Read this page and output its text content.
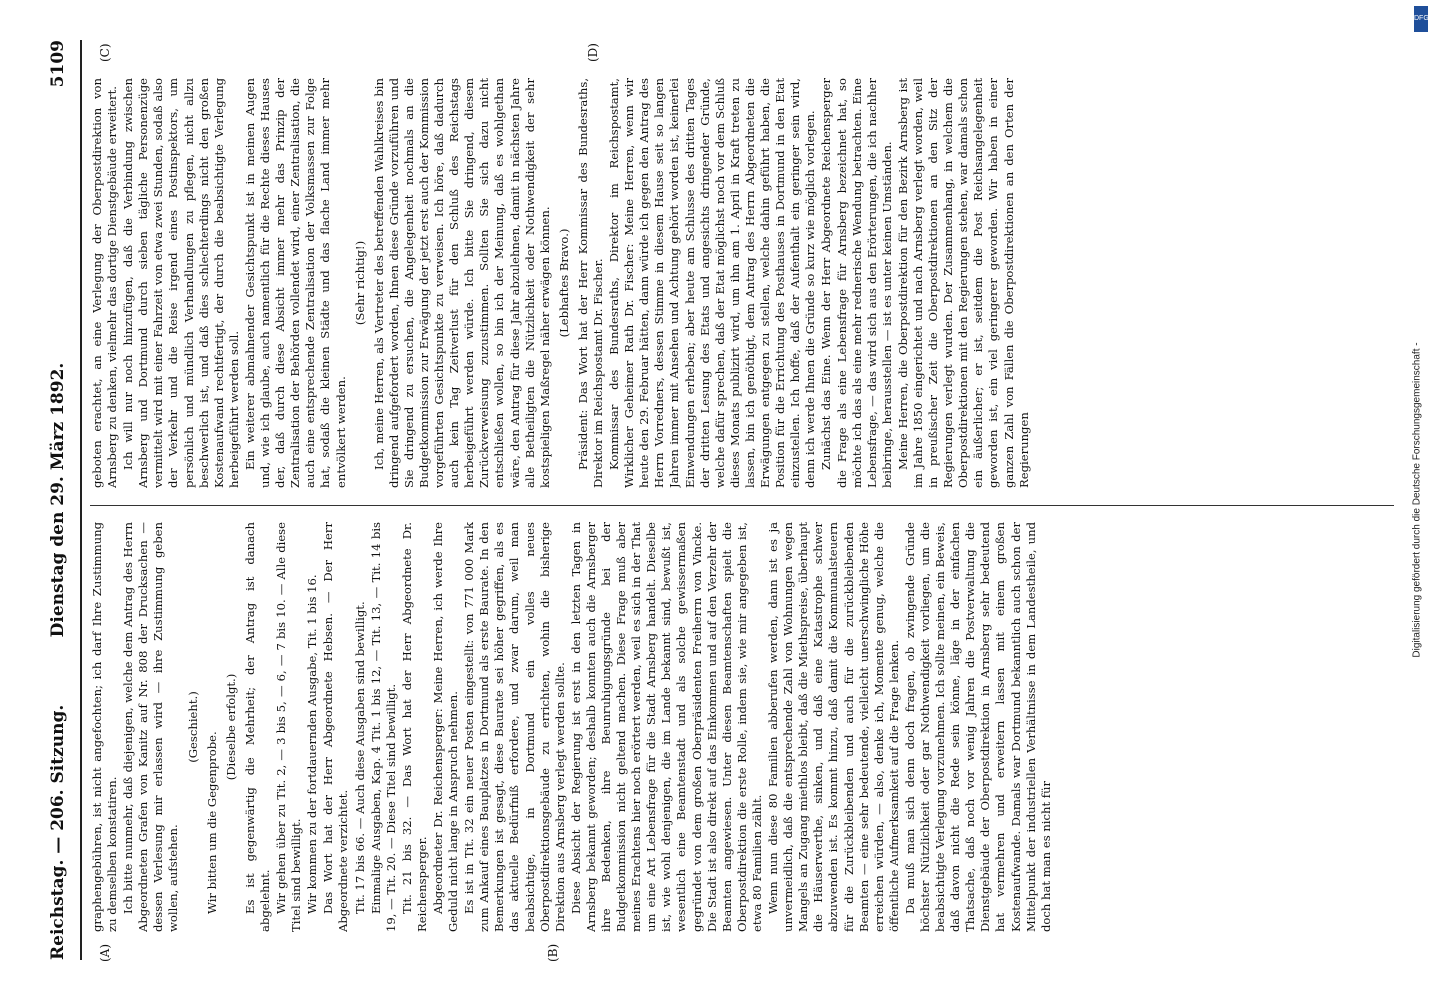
Reichstag. — 206. Sitzung.
Dienstag den 29. März 1892.
5109
(A)	(B)
(C)	(D)

graphengebühren, ist nicht angefochten; ich darf Ihre Zustimmung zu demselben konstatiren. Ich bitte nunmehr, daß diejenigen, welche dem Antrag des Herrn Abgeordneten Grafen von Kanitz auf Nr. 808 der Drucksachen — dessen Verlesung mir erlassen wird — ihre Zustimmung geben wollen, aufstehen.

(Geschieht.)

Wir bitten um die Gegenprobe.

(Dieselbe erfolgt.) Es ist gegenwärtig die Mehrheit; der Antrag ist danach abgelehnt. Wir gehen über zu Tit. 2, — 3 bis 5, — 6, — 7 bis 10. — Alle diese Titel sind bewilligt. Wir kommen zu der fortdauernden Ausgabe, Tit. 1 bis 16. Das Wort hat der Herr Abgeordnete Hebsen. — Der Herr Abgeordnete verzichtet. Tit. 17 bis 66. — Auch diese Ausgaben sind bewilligt. Einmalige Ausgaben, Kap. 4 Tit. 1 bis 12, — Tit. 13, — Tit. 14 bis 19, — Tit. 20. — Diese Titel sind bewilligt. Tit. 21 bis 32. — Das Wort hat der Herr Abgeordnete Dr. Reichensperger. Abgeordneter Dr. Reichensperger: Meine Herren, ich werde Ihre Geduld nicht lange in Anspruch nehmen. Es ist in Tit. 32 ein neuer Posten eingestellt: von 771 000 Mark zum Ankauf eines Bauplatzes in Dortmund als erste Baurate. In den Bemerkungen ist gesagt, diese Baurate sei höher gegriffen, als es das aktuelle Bedürfniß erfordere, und zwar darum, weil man beabsichtige, in Dortmund ein volles neues Oberpostdirektionsgebäude zu errichten, wohin die bisherige Direktion aus Arnsberg verlegt werden sollte. Diese Absicht der Regierung ist erst in den letzten Tagen in Arnsberg bekannt geworden; deshalb konnten auch die Arnsberger ihre Bedenken, ihre Beunruhigungsgründe bei der Budgetkommission nicht geltend machen. Diese Frage muß aber meines Erachtens hier noch erörtert werden, weil es sich in der That um eine Art Lebensfrage für die Stadt Arnsberg handelt. Dieselbe ist, wie wohl denjenigen, die im Lande bekannt sind, bewußt ist, wesentlich eine Beamtenstadt und als solche gewissermaßen gegründet von dem großen Oberpräsidenten Freiherrn von Vincke. Die Stadt ist also direkt auf das Einkommen und auf den Verzehr der Beamten angewiesen. Unter diesen Beamtenschaften spielt die Oberpostdirektion die erste Rolle, indem sie, wie mir angegeben ist, etwa 80 Familien zählt. Wenn nun diese 80 Familien abberufen werden, dann ist es ja unvermeidlich, daß die entsprechende Zahl von Wohnungen wegen Mangels an Zugang miethlos bleibt, daß die Miethspreise, überhaupt die Häuserwerthe, sinken, und daß eine Katastrophe schwer abzuwenden ist. Es kommt hinzu, daß damit die Kommunalsteuern für die Zurückbleibenden und auch für die zurückbleibenden Beamten — eine sehr bedeutende, vielleicht unerschwingliche Höhe erreichen würden, — also, denke ich, Momente genug, welche die öffentliche Aufmerksamkeit auf die Frage lenken. Da muß man sich denn doch fragen, ob zwingende Gründe höchster Nützlichkeit oder gar Nothwendigkeit vorliegen, um die beabsichtigte Verlegung vorzunehmen. Ich sollte meinen, ein Beweis, daß davon nicht die Rede sein könne, läge in der einfachen Thatsache, daß noch vor wenig Jahren die Postverwaltung die Dienstgebäude der Oberpostdirektion in Arnsberg sehr bedeutend hat vermehren und erweitern lassen mit einem großen Kostenaufwande. Damals war Dortmund bekanntlich auch schon der Mittelpunkt der industriellen Verhältnisse in dem Landestheile, und doch hat man es nicht für

geboten erachtet, an eine Verlegung der Oberpostdirektion von Arnsberg zu denken, vielmehr das dortige Dienstgebäude erweitert. Ich will nur noch hinzufügen, daß die Verbindung zwischen Arnsberg und Dortmund durch sieben tägliche Personenzüge vermittelt wird mit einer Fahrzeit von etwa zwei Stunden, sodaß also der Verkehr und die Reise irgend eines Postinspektors, um persönlich und mündlich Verhandlungen zu pflegen, nicht allzu beschwerlich ist, und daß dies schlechterdings nicht den großen Kostenaufwand rechtfertigt, der durch die beabsichtigte Verlegung herbeigeführt werden soll. Ein weiterer abmahnender Gesichtspunkt ist in meinen Augen und, wie ich glaube, auch namentlich für die Rechte dieses Hauses der, daß durch diese Absicht immer mehr das Prinzip der Zentralisation der Behörden vollendet wird, einer Zentralisation, die auch eine entsprechende Zentralisation der Volksmassen zur Folge hat, sodaß die kleinen Städte und das flache Land immer mehr entvölkert werden.

(Sehr richtig!) Ich, meine Herren, als Vertreter des betreffenden Wahlkreises bin dringend aufgefordert worden, Ihnen diese Gründe vorzuführen und Sie dringend zu ersuchen, die Angelegenheit nochmals an die Budgetkommission zur Erwägung der jetzt erst auch der Kommission vorgeführten Gesichtspunkte zu verweisen. Ich höre, daß dadurch auch kein Tag Zeitverlust für den Schluß des Reichstags herbeigeführt werden würde. Ich bitte Sie dringend, diesem Zurückverweisung zuzustimmen. Sollten Sie sich dazu nicht entschließen wollen, so bin ich der Meinung, daß es wohlgethan wäre, den Antrag für diese Jahr abzulehnen, damit in nächsten Jahre alle Betheiligten die Nützlichkeit oder Nothwendigkeit der sehr kostspieligen Maßregel näher erwägen können. (Lebhaftes Bravo.) Präsident: Das Wort hat der Herr Kommissar des Bundesraths, Direktor im Reichspostamt Dr. Fischer. Kommissar des Bundesraths, Direktor im Reichspostamt, Wirklicher Geheimer Rath Dr. Fischer: Meine Herren, wenn wir heute den 29. Februar hätten, dann würde ich gegen den Antrag des Herrn Vorredners, dessen Stimme in diesem Hause seit so langen Jahren immer mit Ansehen und Achtung gehört worden ist, keinerlei Einwendungen erheben; aber heute am Schlusse des dritten Tages der dritten Lesung des Etats und angesichts dringender Gründe, welche dafür sprechen, daß der Etat möglichst noch vor dem Schluß dieses Monats publizirt wird, um ihn am 1. April in Kraft treten zu lassen, bin ich genöthigt, dem Antrag des Herrn Abgeordneten die Erwägungen entgegen zu stellen, welche dahin geführt haben, die Position für die Errichtung des Posthauses in Dortmund in den Etat einzustellen. Ich hoffe, daß der Aufenthalt ein geringer sein wird, denn ich werde Ihnen die Gründe so kurz wie möglich vorlegen. Zunächst das Eine. Wenn der Herr Abgeordnete Reichensperger die Frage als eine Lebensfrage für Arnsberg bezeichnet hat, so möchte ich das als eine mehr rednerische Wendung betrachten. Eine Lebensfrage, — das wird sich aus den Erörterungen, die ich nachher beibringe, herausstellen — ist es unter keinen Umständen. Meine Herren, die Oberpostdirektion für den Bezirk Arnsberg ist im Jahre 1850 eingerichtet und nach Arnsberg verlegt worden, weil in preußischer Zeit die Oberpostdirektionen an den Sitz der Regierungen verlegt wurden. Der Zusammenhang, in welchem die Oberpostdirektionen mit den Regierungen stehen, war damals schon ein äußerlicher; er ist, seitdem die Post Reichsangelegenheit geworden ist, ein viel geringerer geworden. Wir haben in einer ganzen Zahl von Fällen die Oberpostdirektionen an den Orten der Regierungen	Digitalisierung gefördert durch die Deutsche Forschungsgemeinschaft -
DFG
